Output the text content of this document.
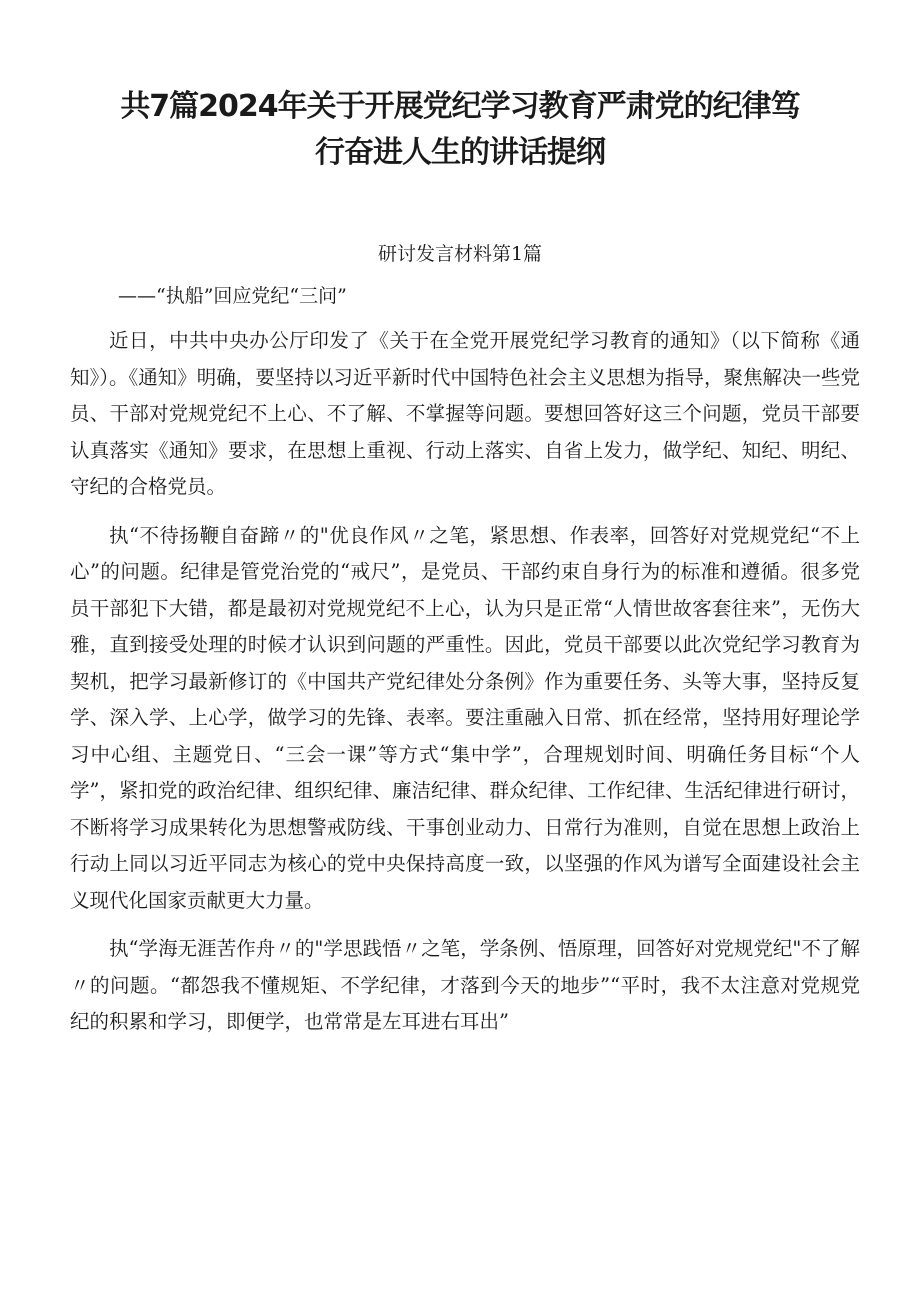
共7篇2024年关于开展党纪学习教育严肃党的纪律笃
行奋进人生的讲话提纲

研讨发言材料第1篇

——“执船”回应党纪“三问”

近日，中共中央办公厅印发了《关于在全党开展党纪学习教育的通知》（以下简称《通知》）。《通知》明确，要坚持以习近平新时代中国特色社会主义思想为指导，聚焦解决一些党员、干部对党规党纪不上心、不了解、不掌握等问题。要想回答好这三个问题，党员干部要认真落实《通知》要求，在思想上重视、行动上落实、自省上发力，做学纪、知纪、明纪、守纪的合格党员。

执“不待扬鞭自奋蹄〃的"优良作风〃之笔，紧思想、作表率，回答好对党规党纪“不上心”的问题。纪律是管党治党的“戒尺”，是党员、干部约束自身行为的标准和遵循。很多党员干部犯下大错，都是最初对党规党纪不上心，认为只是正常“人情世故客套往来”，无伤大雅，直到接受处理的时候才认识到问题的严重性。因此，党员干部要以此次党纪学习教育为契机，把学习最新修订的《中国共产党纪律处分条例》作为重要任务、头等大事，坚持反复学、深入学、上心学，做学习的先锋、表率。要注重融入日常、抓在经常，坚持用好理论学习中心组、主题党日、“三会一课”等方式“集中学”，合理规划时间、明确任务目标“个人学”，紧扣党的政治纪律、组织纪律、廉洁纪律、群众纪律、工作纪律、生活纪律进行研讨，不断将学习成果转化为思想警戒防线、干事创业动力、日常行为准则，自觉在思想上政治上行动上同以习近平同志为核心的党中央保持高度一致，以坚强的作风为谱写全面建设社会主义现代化国家贡献更大力量。

执“学海无涯苦作舟〃的"学思践悟〃之笔，学条例、悟原理，回答好对党规党纪"不了解〃的问题。“都怨我不懂规矩、不学纪律，才落到今天的地步”“平时，我不太注意对党规党纪的积累和学习，即便学，也常常是左耳进右耳出”
